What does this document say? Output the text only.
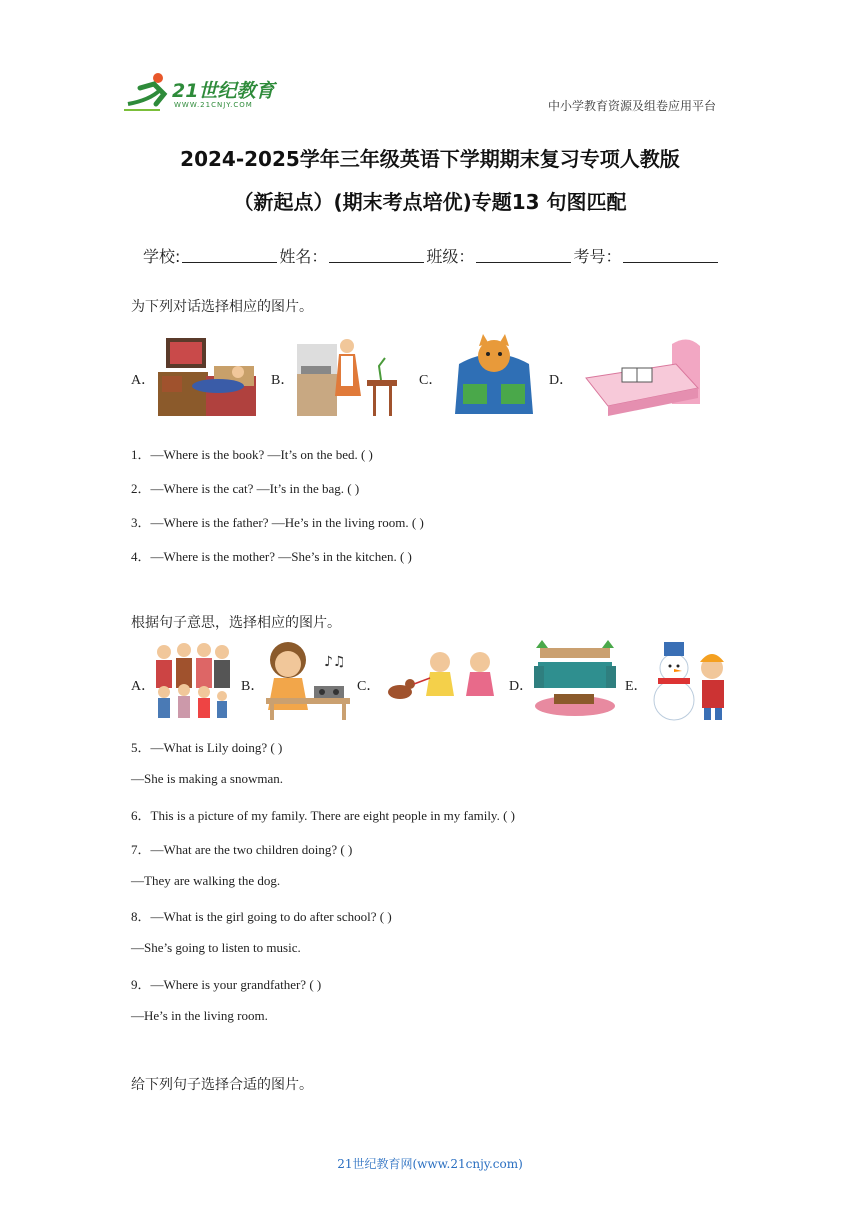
21世纪教育
WWW.21CNJY.COM	中小学教育资源及组卷应用平台
2024-2025学年三年级英语下学期期末复习专项人教版
（新起点）(期末考点培优)专题13 句图匹配
学校:	姓名：	班级：	考号：
为下列对话选择相应的图片。
A．	B．	C．	D．
1．—Where is the book? —It’s on the bed. ( )
2．—Where is the cat? —It’s in the bag. ( )
3．—Where is the father? —He’s in the living room. ( )
4．—Where is the mother? —She’s in the kitchen. ( )
根据句子意思，选择相应的图片。
A．	B．
♪♫
C．	D．	E．
5．—What is Lily doing? ( )
—She is making a snowman.
6．This is a picture of my family. There are eight people in my family. ( )
7．—What are the two children doing? ( )
—They are walking the dog.
8．—What is the girl going to do after school? ( )
—She’s going to listen to music.
9．—Where is your grandfather? ( )
—He’s in the living room.
给下列句子选择合适的图片。
21世纪教育网(www.21cnjy.com)
